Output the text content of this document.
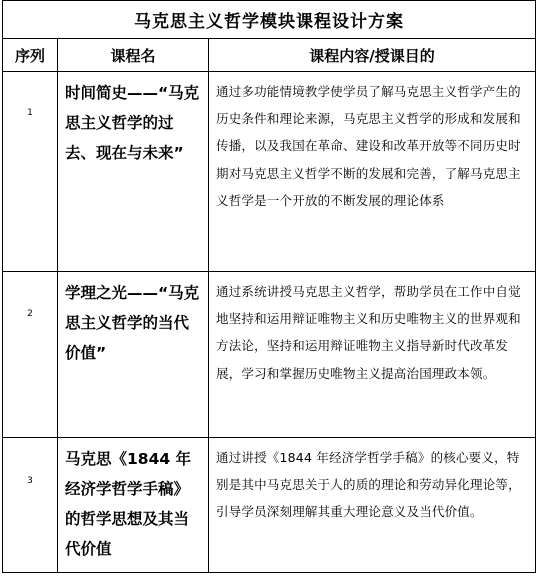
马克思主义哲学模块课程设计方案
序列	课程名	课程内容/授课目的
1
时间简史——“马克思主义哲学的过去、现在与未来”
通过多功能情境教学使学员了解马克思主义哲学产生的历史条件和理论来源，马克思主义哲学的形成和发展和传播，以及我国在革命、建设和改革开放等不同历史时期对马克思主义哲学不断的发展和完善，了解马克思主义哲学是一个开放的不断发展的理论体系
2
学理之光——“马克思主义哲学的当代价值”
通过系统讲授马克思主义哲学，帮助学员在工作中自觉地坚持和运用辩证唯物主义和历史唯物主义的世界观和方法论，坚持和运用辩证唯物主义指导新时代改革发展，学习和掌握历史唯物主义提高治国理政本领。
3
马克思《1844 年经济学哲学手稿》的哲学思想及其当代价值
通过讲授《1844 年经济学哲学手稿》的核心要义，特别是其中马克思关于人的质的理论和劳动异化理论等，引导学员深刻理解其重大理论意义及当代价值。
